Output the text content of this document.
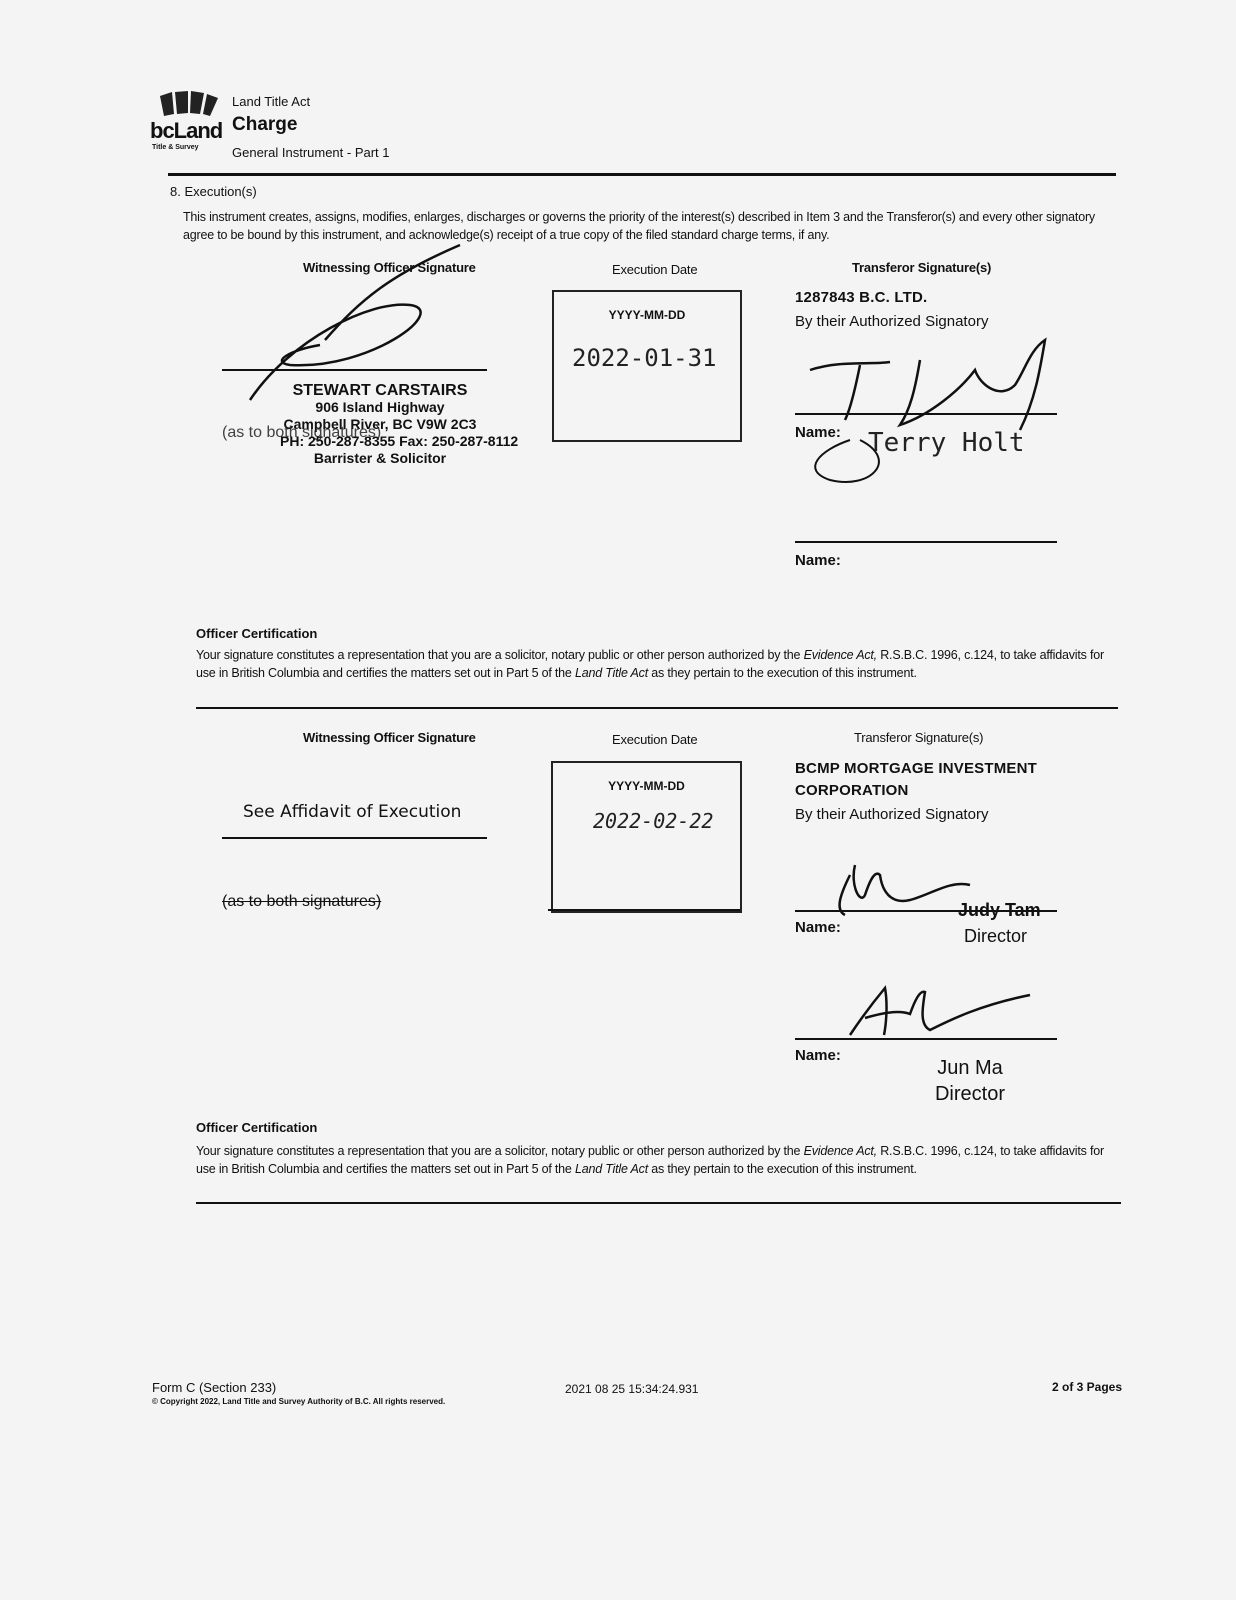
bcLand
Title & Survey
Land Title Act
Charge
General Instrument - Part 1
8. Execution(s)
This instrument creates, assigns, modifies, enlarges, discharges or governs the priority of the interest(s) described in Item 3 and the Transferor(s) and every other signatory agree to be bound by this instrument, and acknowledge(s) receipt of a true copy of the filed standard charge terms, if any.
Witnessing Officer Signature	Execution Date	Transferor Signature(s)
STEWART CARSTAIRS
906 Island Highway
Campbell River, BC V9W 2C3
PH: 250-287-8355 Fax: 250-287-8112
Barrister & Solicitor
(as to both signatures)
YYYY-MM-DD
2022-01-31
1287843 B.C. LTD.
By their Authorized Signatory
Name: Terry Holt
Name:
Officer Certification
Your signature constitutes a representation that you are a solicitor, notary public or other person authorized by the Evidence Act, R.S.B.C. 1996, c.124, to take affidavits for use in British Columbia and certifies the matters set out in Part 5 of the Land Title Act as they pertain to the execution of this instrument.
Witnessing Officer Signature	Execution Date	Transferor Signature(s)
See Affidavit of Execution
(as to both signatures)
YYYY-MM-DD
2022-02-22
BCMP MORTGAGE INVESTMENT
CORPORATION
By their Authorized Signatory
Name:
Judy Tam
Director
Name:
Jun Ma
Director
Officer Certification
Your signature constitutes a representation that you are a solicitor, notary public or other person authorized by the Evidence Act, R.S.B.C. 1996, c.124, to take affidavits for use in British Columbia and certifies the matters set out in Part 5 of the Land Title Act as they pertain to the execution of this instrument.
Form C (Section 233)
© Copyright 2022, Land Title and Survey Authority of B.C. All rights reserved.
2021 08 25 15:34:24.931	2 of 3 Pages
